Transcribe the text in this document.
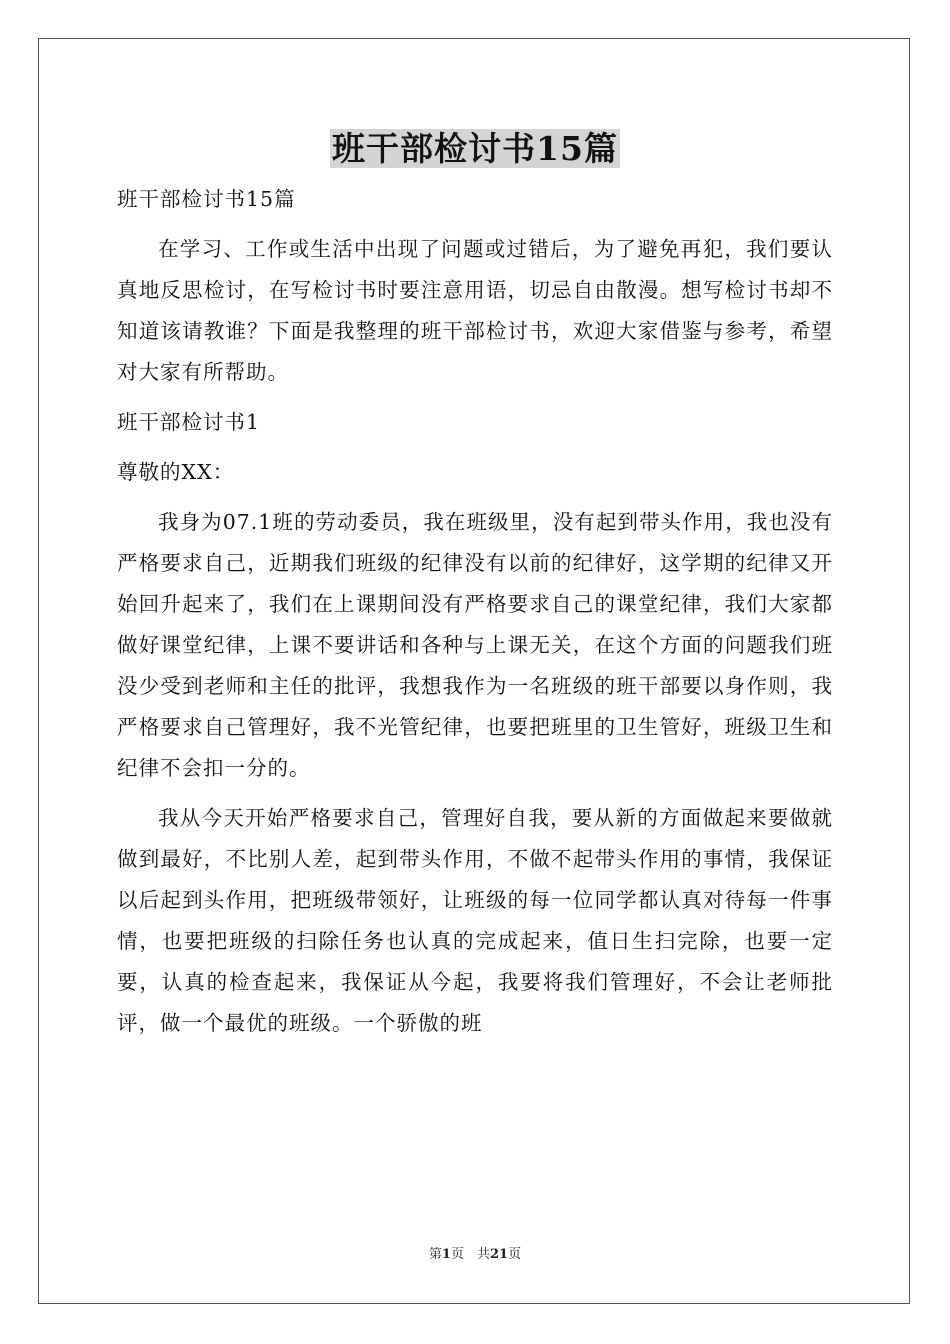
班干部检讨书15篇

班干部检讨书15篇

在学习、工作或生活中出现了问题或过错后，为了避免再犯，我们要认真地反思检讨，在写检讨书时要注意用语，切忌自由散漫。想写检讨书却不知道该请教谁？下面是我整理的班干部检讨书，欢迎大家借鉴与参考，希望对大家有所帮助。

班干部检讨书1

尊敬的XX：

我身为07.1班的劳动委员，我在班级里，没有起到带头作用，我也没有严格要求自己，近期我们班级的纪律没有以前的纪律好，这学期的纪律又开始回升起来了，我们在上课期间没有严格要求自己的课堂纪律，我们大家都做好课堂纪律，上课不要讲话和各种与上课无关，在这个方面的问题我们班没少受到老师和主任的批评，我想我作为一名班级的班干部要以身作则，我严格要求自己管理好，我不光管纪律，也要把班里的卫生管好，班级卫生和纪律不会扣一分的。

我从今天开始严格要求自己，管理好自我，要从新的方面做起来要做就做到最好，不比别人差，起到带头作用，不做不起带头作用的事情，我保证以后起到头作用，把班级带领好，让班级的每一位同学都认真对待每一件事情，也要把班级的扫除任务也认真的完成起来，值日生扫完除，也要一定要，认真的检查起来，我保证从今起，我要将我们管理好，不会让老师批评，做一个最优的班级。一个骄傲的班

第1页　共21页
